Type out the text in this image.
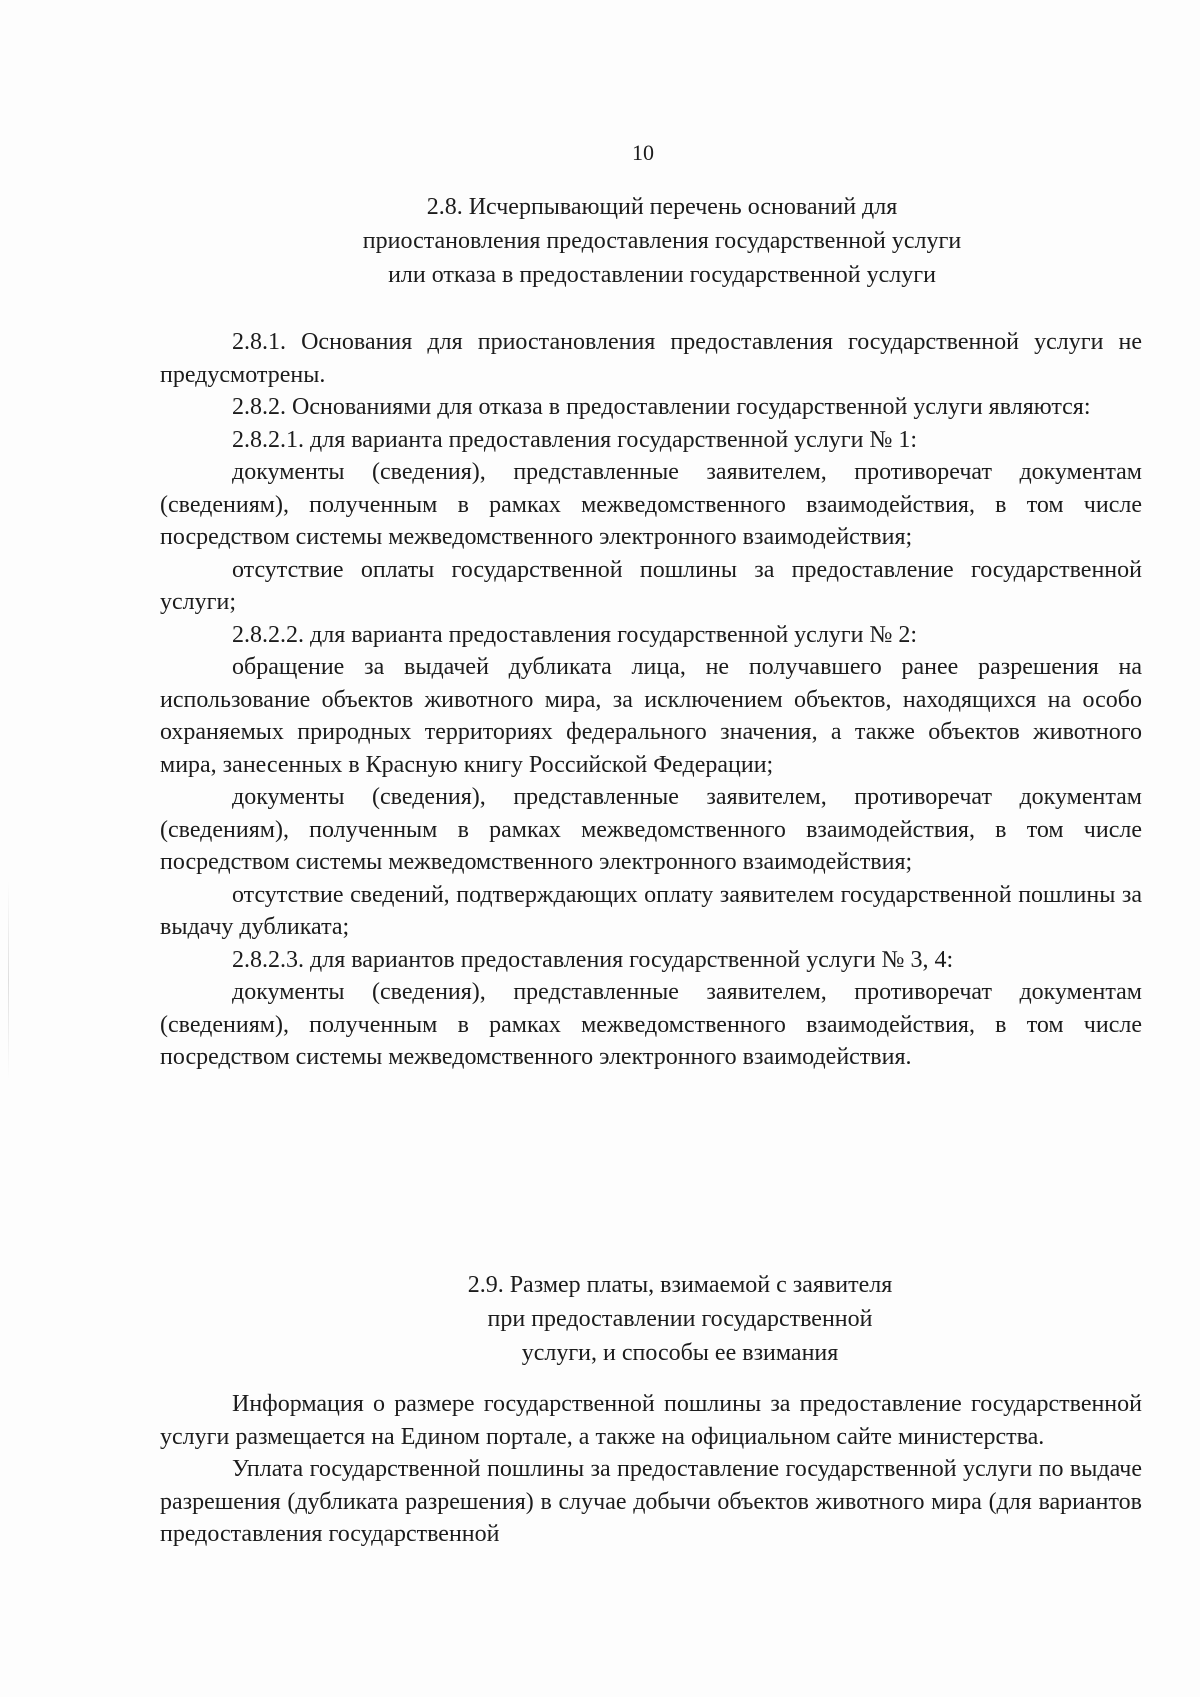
10
2.8. Исчерпывающий перечень оснований для
приостановления предоставления государственной услуги
или отказа в предоставлении государственной услуги

2.8.1. Основания для приостановления предоставления государственной услуги не предусмотрены.

2.8.2. Основаниями для отказа в предоставлении государственной услуги являются:

2.8.2.1. для варианта предоставления государственной услуги № 1:

документы (сведения), представленные заявителем, противоречат документам (сведениям), полученным в рамках межведомственного взаимодействия, в том числе посредством системы межведомственного электронного взаимодействия;

отсутствие оплаты государственной пошлины за предоставление государственной услуги;

2.8.2.2. для варианта предоставления государственной услуги № 2:

обращение за выдачей дубликата лица, не получавшего ранее разрешения на использование объектов животного мира, за исключением объектов, находящихся на особо охраняемых природных территориях федерального значения, а также объектов животного мира, занесенных в Красную книгу Российской Федерации;

документы (сведения), представленные заявителем, противоречат документам (сведениям), полученным в рамках межведомственного взаимодействия, в том числе посредством системы межведомственного электронного взаимодействия;

отсутствие сведений, подтверждающих оплату заявителем государственной пошлины за выдачу дубликата;

2.8.2.3. для вариантов предоставления государственной услуги № 3, 4:

документы (сведения), представленные заявителем, противоречат документам (сведениям), полученным в рамках межведомственного взаимодействия, в том числе посредством системы межведомственного электронного взаимодействия.

2.9. Размер платы, взимаемой с заявителя
при предоставлении государственной
услуги, и способы ее взимания

Информация о размере государственной пошлины за предоставление государственной услуги размещается на Едином портале, а также на официальном сайте министерства.

Уплата государственной пошлины за предоставление государственной услуги по выдаче разрешения (дубликата разрешения) в случае добычи объектов животного мира (для вариантов предоставления государственной
